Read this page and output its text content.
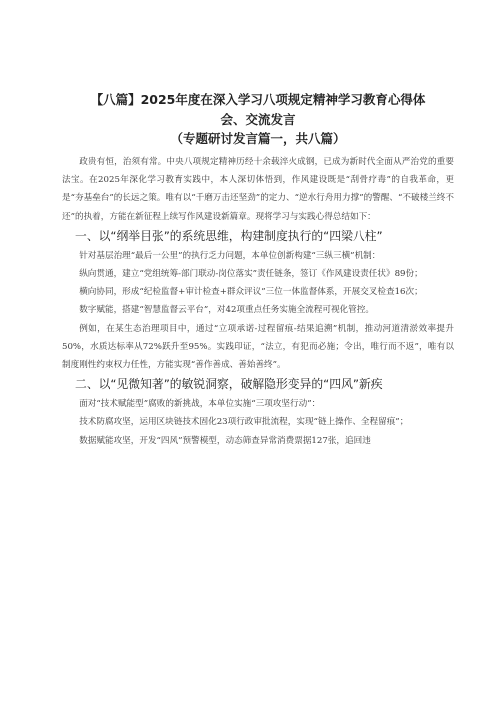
【八篇】2025年度在深入学习八项规定精神学习教育心得体
会、交流发言
（专题研讨发言篇一，共八篇）

政贵有恒，治须有常。中央八项规定精神历经十余载淬火成钢，已成为新时代全面从严治党的重要法宝。在2025年深化学习教育实践中，本人深切体悟到，作风建设既是“刮骨疗毒”的自我革命，更是“夯基垒台”的长远之策。唯有以“千磨万击还坚劲”的定力、“逆水行舟用力撑”的警醒、“不破楼兰终不还”的执着，方能在新征程上续写作风建设新篇章。现将学习与实践心得总结如下：

一、以“纲举目张”的系统思维，构建制度执行的“四梁八柱”

针对基层治理“最后一公里”的执行乏力问题，本单位创新构建“三纵三横”机制：

纵向贯通，建立“党组统筹-部门联动-岗位落实”责任链条，签订《作风建设责任状》89份；

横向协同，形成“纪检监督+审计检查+群众评议”三位一体监督体系，开展交叉检查16次；

数字赋能，搭建“智慧监督云平台”，对42项重点任务实施全流程可视化管控。

例如，在某生态治理项目中，通过“立项承诺-过程留痕-结果追溯”机制，推动河道清淤效率提升50%，水质达标率从72%跃升至95%。实践印证，“法立，有犯而必施；令出，唯行而不返”，唯有以制度刚性约束权力任性，方能实现“善作善成、善始善终”。

二、以“见微知著”的敏锐洞察，破解隐形变异的“四风”新疾

面对“技术赋能型”腐败的新挑战，本单位实施“三项攻坚行动”：

技术防腐攻坚，运用区块链技术固化23项行政审批流程，实现“链上操作、全程留痕”；

数据赋能攻坚，开发“四风”预警模型，动态筛查异常消费票据127张，追回违
